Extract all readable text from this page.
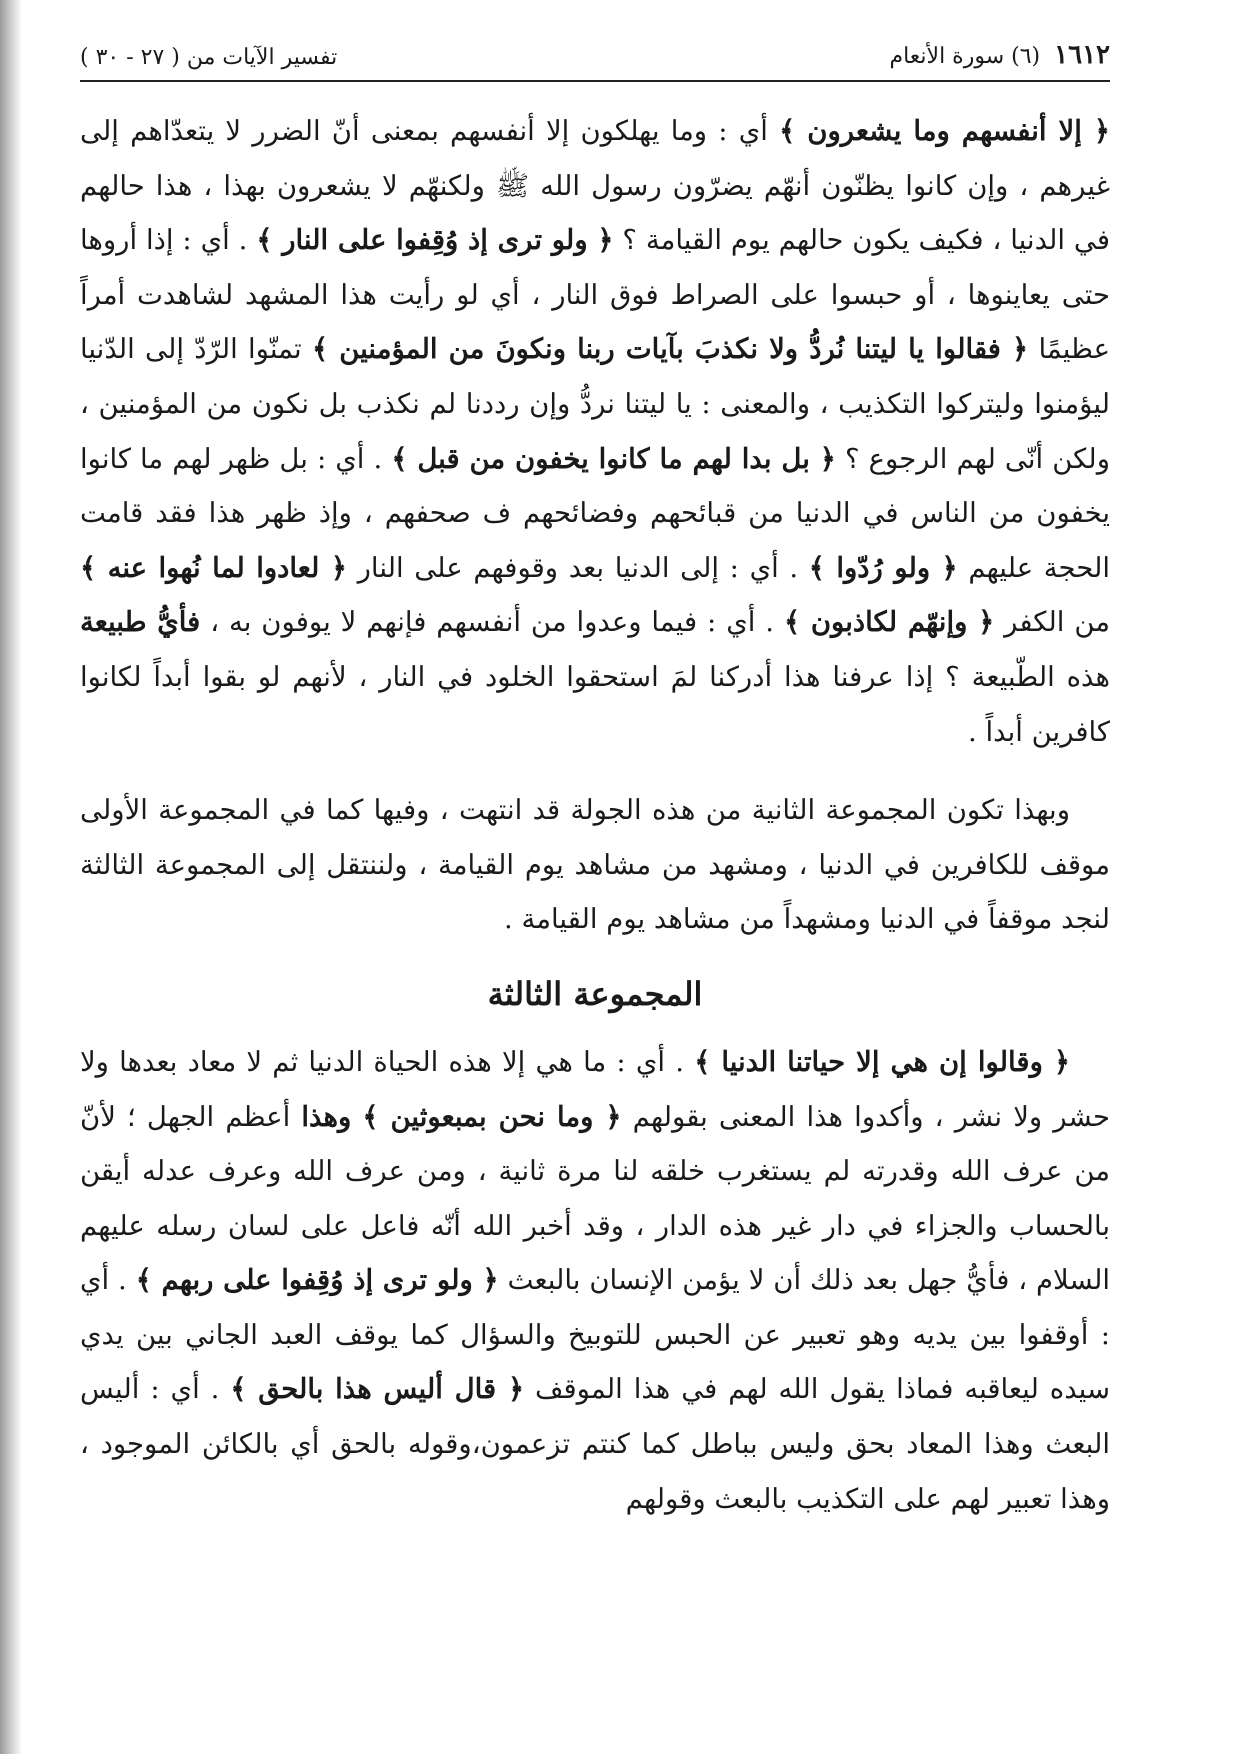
١٦١٢
(٦) سورة الأنعام
تفسير الآيات من ( ٢٧ - ٣٠ )

﴿ إلا أنفسهم وما يشعرون ﴾ أي : وما يهلكون إلا أنفسهم بمعنى أنّ الضرر لا يتعدّاهم إلى غيرهم ، وإن كانوا يظنّون أنهّم يضرّون رسول الله ﷺ ولكنهّم لا يشعرون بهذا ، هذا حالهم في الدنيا ، فكيف يكون حالهم يوم القيامة ؟ ﴿ ولو ترى إذ وُقِفوا على النار ﴾ . أي : إذا أروها حتى يعاينوها ، أو حبسوا على الصراط فوق النار ، أي لو رأيت هذا المشهد لشاهدت أمراً عظيمًا ﴿ فقالوا يا ليتنا نُردُّ ولا نكذبَ بآيات ربنا ونكونَ من المؤمنين ﴾ تمنّوا الرّدّ إلى الدّنيا ليؤمنوا وليتركوا التكذيب ، والمعنى : يا ليتنا نردُّ وإن رددنا لم نكذب بل نكون من المؤمنين ، ولكن أنّى لهم الرجوع ؟ ﴿ بل بدا لهم ما كانوا يخفون من قبل ﴾ . أي : بل ظهر لهم ما كانوا يخفون من الناس في الدنيا من قبائحهم وفضائحهم ف صحفهم ، وإذ ظهر هذا فقد قامت الحجة عليهم ﴿ ولو رُدّوا ﴾ . أي : إلى الدنيا بعد وقوفهم على النار ﴿ لعادوا لما نُهوا عنه ﴾ من الكفر ﴿ وإنهّم لكاذبون ﴾ . أي : فيما وعدوا من أنفسهم فإنهم لا يوفون به ، فأيُّ طبيعة هذه الطّبيعة ؟ إذا عرفنا هذا أدركنا لمَ استحقوا الخلود في النار ، لأنهم لو بقوا أبداً لكانوا كافرين أبداً .

وبهذا تكون المجموعة الثانية من هذه الجولة قد انتهت ، وفيها كما في المجموعة الأولى موقف للكافرين في الدنيا ، ومشهد من مشاهد يوم القيامة ، ولننتقل إلى المجموعة الثالثة لنجد موقفاً في الدنيا ومشهداً من مشاهد يوم القيامة .

المجموعة الثالثة

﴿ وقالوا إن هي إلا حياتنا الدنيا ﴾ . أي : ما هي إلا هذه الحياة الدنيا ثم لا معاد بعدها ولا حشر ولا نشر ، وأكدوا هذا المعنى بقولهم ﴿ وما نحن بمبعوثين ﴾ وهذا أعظم الجهل ؛ لأنّ من عرف الله وقدرته لم يستغرب خلقه لنا مرة ثانية ، ومن عرف الله وعرف عدله أيقن بالحساب والجزاء في دار غير هذه الدار ، وقد أخبر الله أنّه فاعل على لسان رسله عليهم السلام ، فأيُّ جهل بعد ذلك أن لا يؤمن الإنسان بالبعث ﴿ ولو ترى إذ وُقِفوا على ربهم ﴾ . أي : أوقفوا بين يديه وهو تعبير عن الحبس للتوبيخ والسؤال كما يوقف العبد الجاني بين يدي سيده ليعاقبه فماذا يقول الله لهم في هذا الموقف ﴿ قال أليس هذا بالحق ﴾ . أي : أليس البعث وهذا المعاد بحق وليس بباطل كما كنتم تزعمون،وقوله بالحق أي بالكائن الموجود ، وهذا تعبير لهم على التكذيب بالبعث وقولهم
